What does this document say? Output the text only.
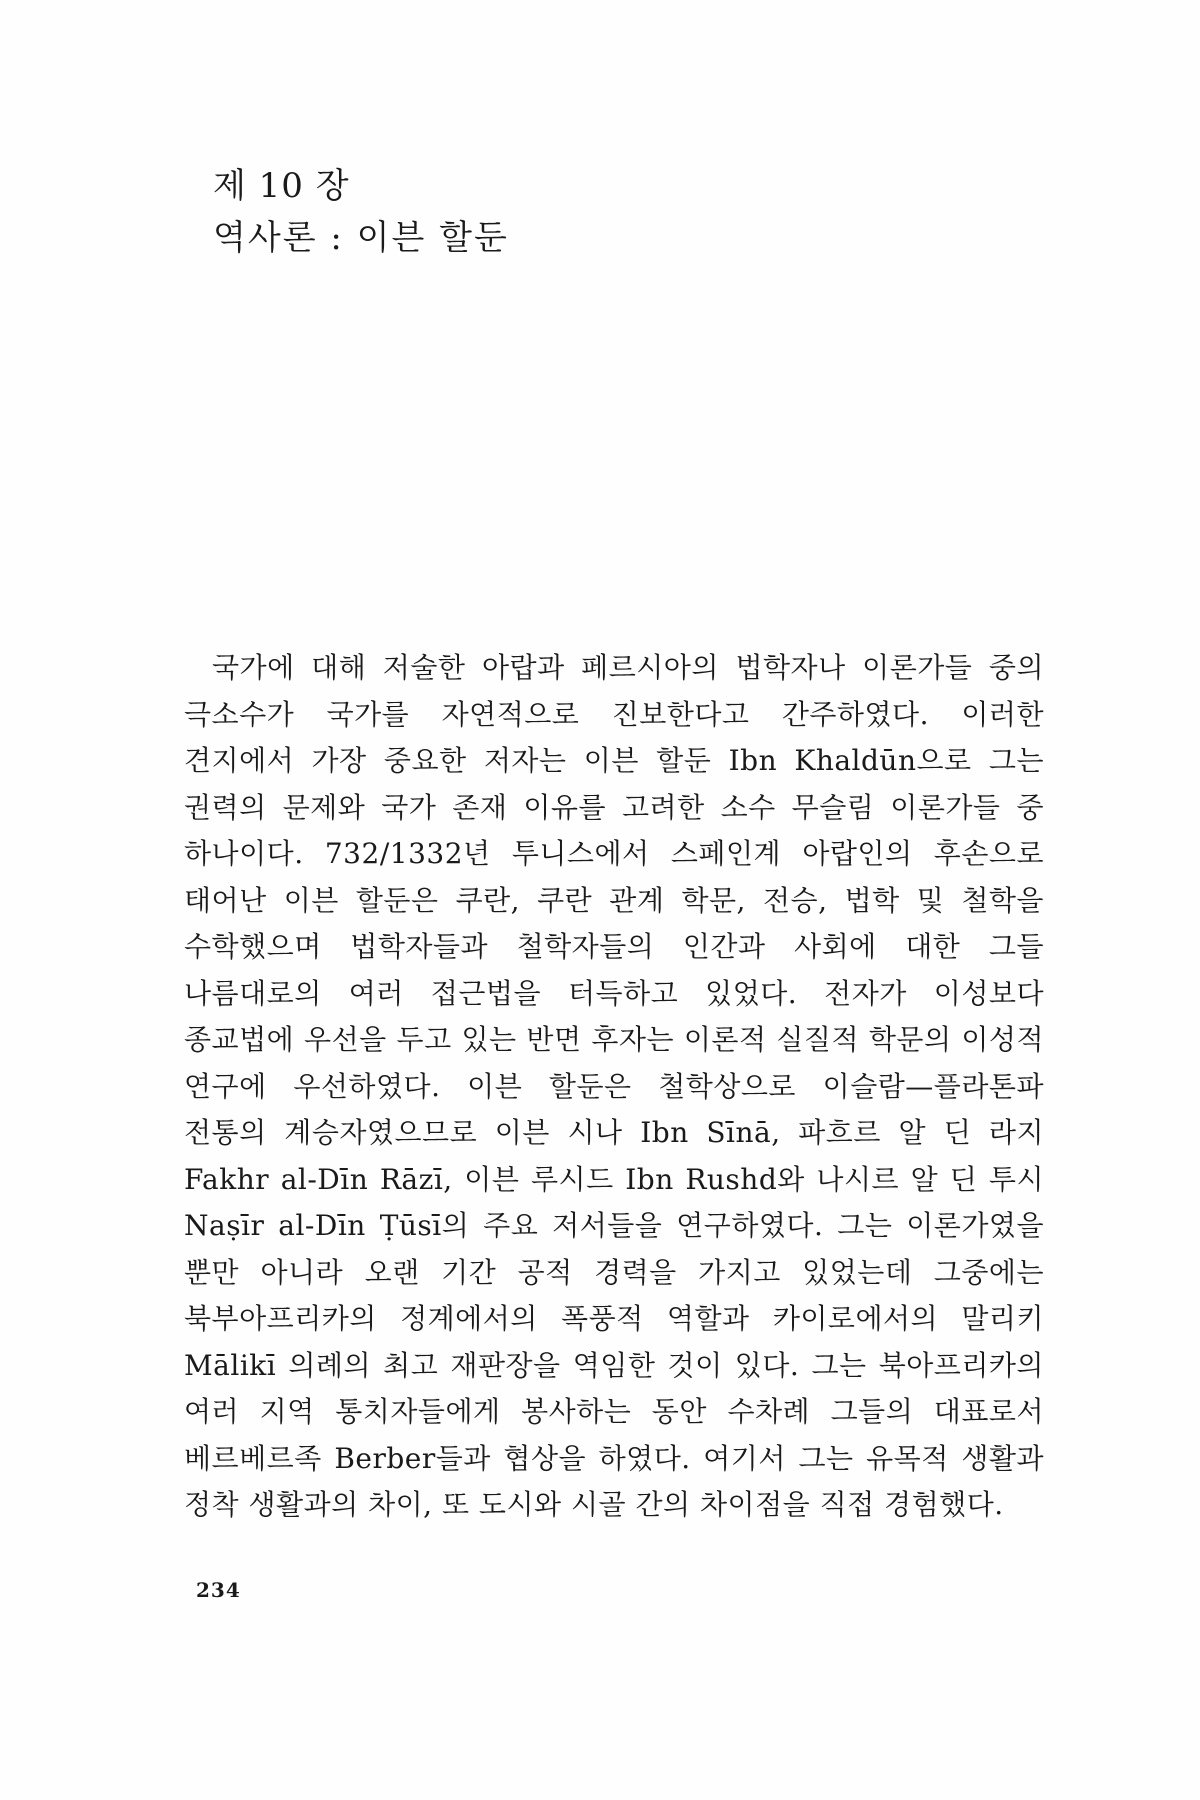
제 10 장
역사론 : 이븐 할둔

국가에 대해 저술한 아랍과 페르시아의 법학자나 이론가들 중의 극소수가 국가를 자연적으로 진보한다고 간주하였다. 이러한 견지에서 가장 중요한 저자는 이븐 할둔 Ibn Khaldūn으로 그는 권력의 문제와 국가 존재 이유를 고려한 소수 무슬림 이론가들 중 하나이다. 732/1332년 투니스에서 스페인계 아랍인의 후손으로 태어난 이븐 할둔은 쿠란, 쿠란 관계 학문, 전승, 법학 및 철학을 수학했으며 법학자들과 철학자들의 인간과 사회에 대한 그들 나름대로의 여러 접근법을 터득하고 있었다. 전자가 이성보다 종교법에 우선을 두고 있는 반면 후자는 이론적 실질적 학문의 이성적 연구에 우선하였다. 이븐 할둔은 철학상으로 이슬람—플라톤파 전통의 계승자였으므로 이븐 시나 Ibn Sīnā, 파흐르 알 딘 라지 Fakhr al-Dīn Rāzī, 이븐 루시드 Ibn Rushd와 나시르 알 딘 투시 Naṣīr al-Dīn Ṭūsī의 주요 저서들을 연구하였다. 그는 이론가였을 뿐만 아니라 오랜 기간 공적 경력을 가지고 있었는데 그중에는 북부아프리카의 정계에서의 폭풍적 역할과 카이로에서의 말리키 Mālikī 의례의 최고 재판장을 역임한 것이 있다. 그는 북아프리카의 여러 지역 통치자들에게 봉사하는 동안 수차례 그들의 대표로서 베르베르족 Berber들과 협상을 하였다. 여기서 그는 유목적 생활과 정착 생활과의 차이, 또 도시와 시골 간의 차이점을 직접 경험했다.

234
